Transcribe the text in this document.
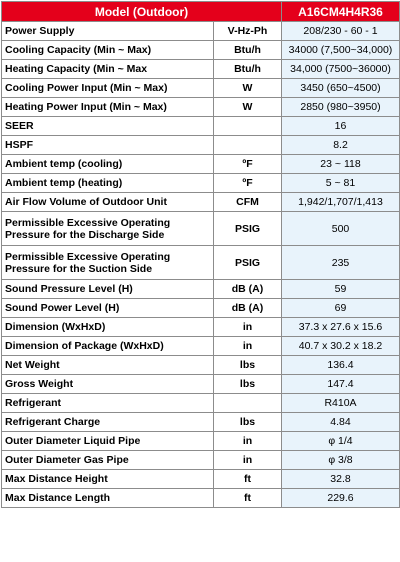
Model (Outdoor)		A16CM4H4R36
Power Supply	V-Hz-Ph	208/230 - 60 - 1
Cooling Capacity (Min ~ Max)	Btu/h	34000 (7,500~34,000)
Heating Capacity (Min ~ Max	Btu/h	34,000 (7500~36000)
Cooling Power Input (Min ~ Max)	W	3450 (650~4500)
Heating Power Input (Min ~ Max)	W	2850 (980~3950)
SEER		16
HSPF		8.2
Ambient temp (cooling)	ºF	23 ~ 118
Ambient temp (heating)	ºF	5 ~ 81
Air Flow Volume of Outdoor Unit	CFM	1,942/1,707/1,413
Permissible Excessive Operating Pressure for the Discharge Side	PSIG	500
Permissible Excessive Operating Pressure for the Suction Side	PSIG	235
Sound Pressure Level (H)	dB (A)	59
Sound Power Level (H)	dB (A)	69
Dimension (WxHxD)	in	37.3 x 27.6 x 15.6
Dimension of Package (WxHxD)	in	40.7 x 30.2 x 18.2
Net Weight	lbs	136.4
Gross Weight	lbs	147.4
Refrigerant		R410A
Refrigerant Charge	lbs	4.84
Outer Diameter Liquid Pipe	in	φ 1/4
Outer Diameter Gas Pipe	in	φ 3/8
Max Distance Height	ft	32.8
Max Distance Length	ft	229.6
